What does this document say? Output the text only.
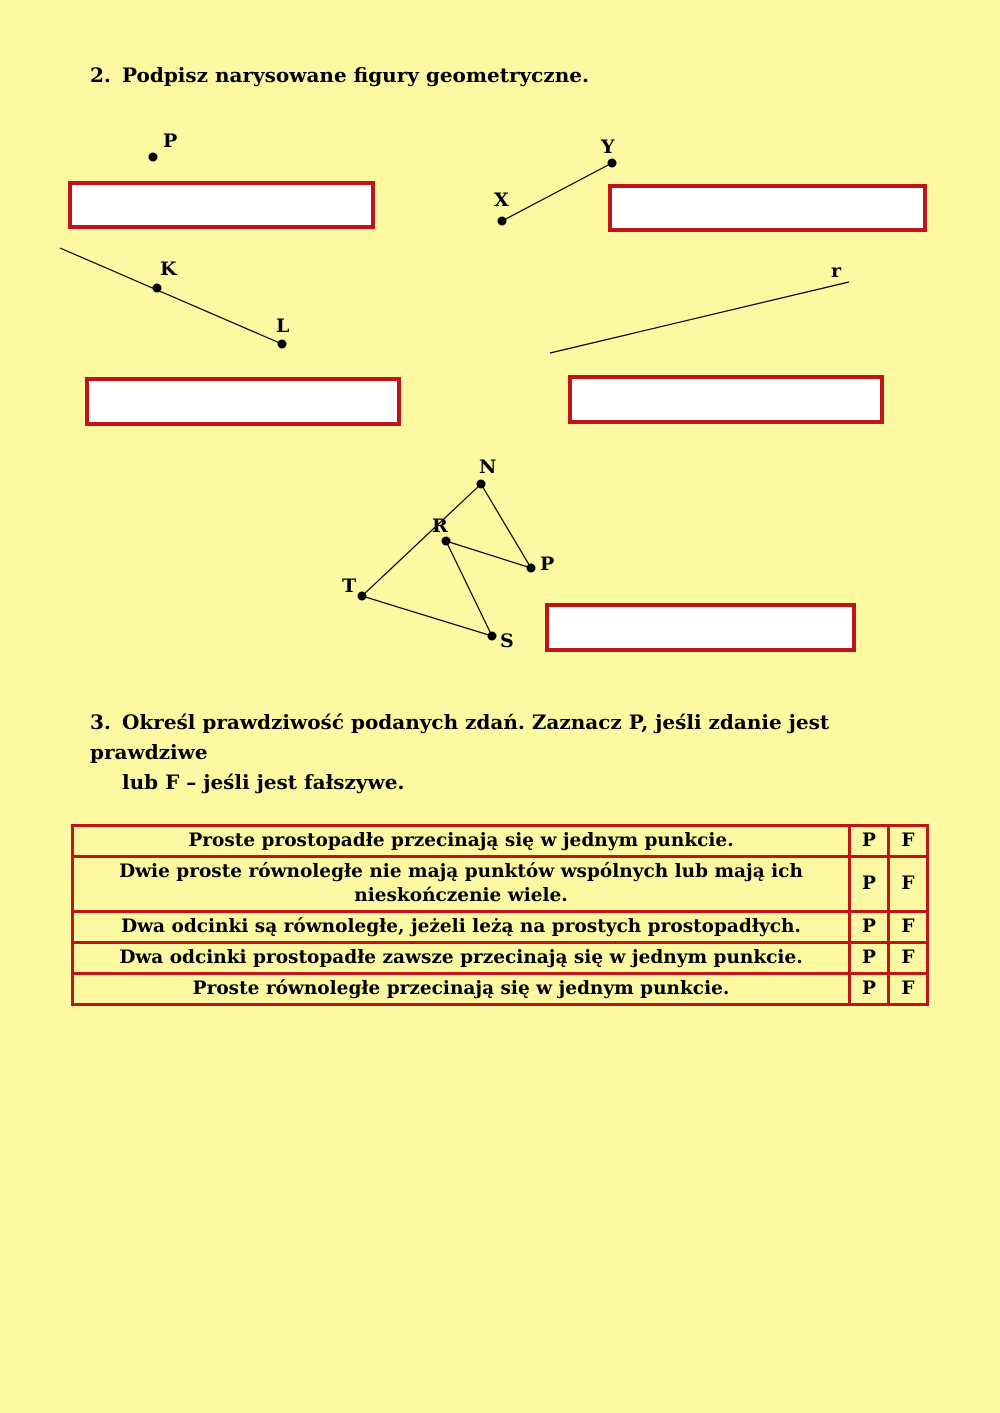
2. Podpisz narysowane figury geometryczne.
P
X
Y
K
L
r
N
R
P
T
S
3. Określ prawdziwość podanych zdań. Zaznacz P, jeśli zdanie jest prawdziwe
lub F – jeśli jest fałszywe.
Proste prostopadłe przecinają się w jednym punkcie.	P	F
Dwie proste równoległe nie mają punktów wspólnych lub mają ich nieskończenie wiele.	P	F
Dwa odcinki są równoległe, jeżeli leżą na prostych prostopadłych.	P	F
Dwa odcinki prostopadłe zawsze przecinają się w jednym punkcie.	P	F
Proste równoległe przecinają się w jednym punkcie.	P	F
